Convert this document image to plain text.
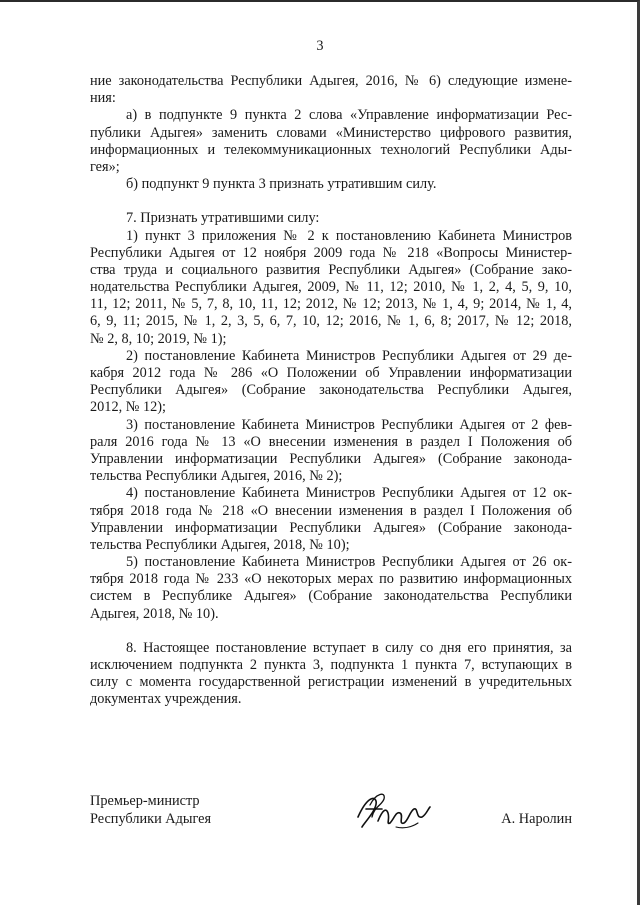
3
ние законодательства Республики Адыгея, 2016, № 6) следующие измене-
ния:
а) в подпункте 9 пункта 2 слова «Управление информатизации Рес-
публики Адыгея» заменить словами «Министерство цифрового развития,
информационных и телекоммуникационных технологий Республики Ады-
гея»;
б) подпункт 9 пункта 3 признать утратившим силу.
7. Признать утратившими силу:
1) пункт 3 приложения № 2 к постановлению Кабинета Министров
Республики Адыгея от 12 ноября 2009 года № 218 «Вопросы Министер-
ства труда и социального развития Республики Адыгея» (Собрание зако-
нодательства Республики Адыгея, 2009, № 11, 12; 2010, № 1, 2, 4, 5, 9, 10,
11, 12; 2011, № 5, 7, 8, 10, 11, 12; 2012, № 12; 2013, № 1, 4, 9; 2014, № 1, 4,
6, 9, 11; 2015, № 1, 2, 3, 5, 6, 7, 10, 12; 2016, № 1, 6, 8; 2017, № 12; 2018,
№ 2, 8, 10; 2019, № 1);
2) постановление Кабинета Министров Республики Адыгея от 29 де-
кабря 2012 года № 286 «О Положении об Управлении информатизации
Республики Адыгея» (Собрание законодательства Республики Адыгея,
2012, № 12);
3) постановление Кабинета Министров Республики Адыгея от 2 фев-
раля 2016 года № 13 «О внесении изменения в раздел I Положения об
Управлении информатизации Республики Адыгея» (Собрание законода-
тельства Республики Адыгея, 2016, № 2);
4) постановление Кабинета Министров Республики Адыгея от 12 ок-
тября 2018 года № 218 «О внесении изменения в раздел I Положения об
Управлении информатизации Республики Адыгея» (Собрание законода-
тельства Республики Адыгея, 2018, № 10);
5) постановление Кабинета Министров Республики Адыгея от 26 ок-
тября 2018 года № 233 «О некоторых мерах по развитию информационных
систем в Республике Адыгея» (Собрание законодательства Республики
Адыгея, 2018, № 10).
8. Настоящее постановление вступает в силу со дня его принятия, за
исключением подпункта 2 пункта 3, подпункта 1 пункта 7, вступающих в
силу с момента государственной регистрации изменений в учредительных
документах учреждения.
Премьер-министр
Республики Адыгея	А. Наролин
